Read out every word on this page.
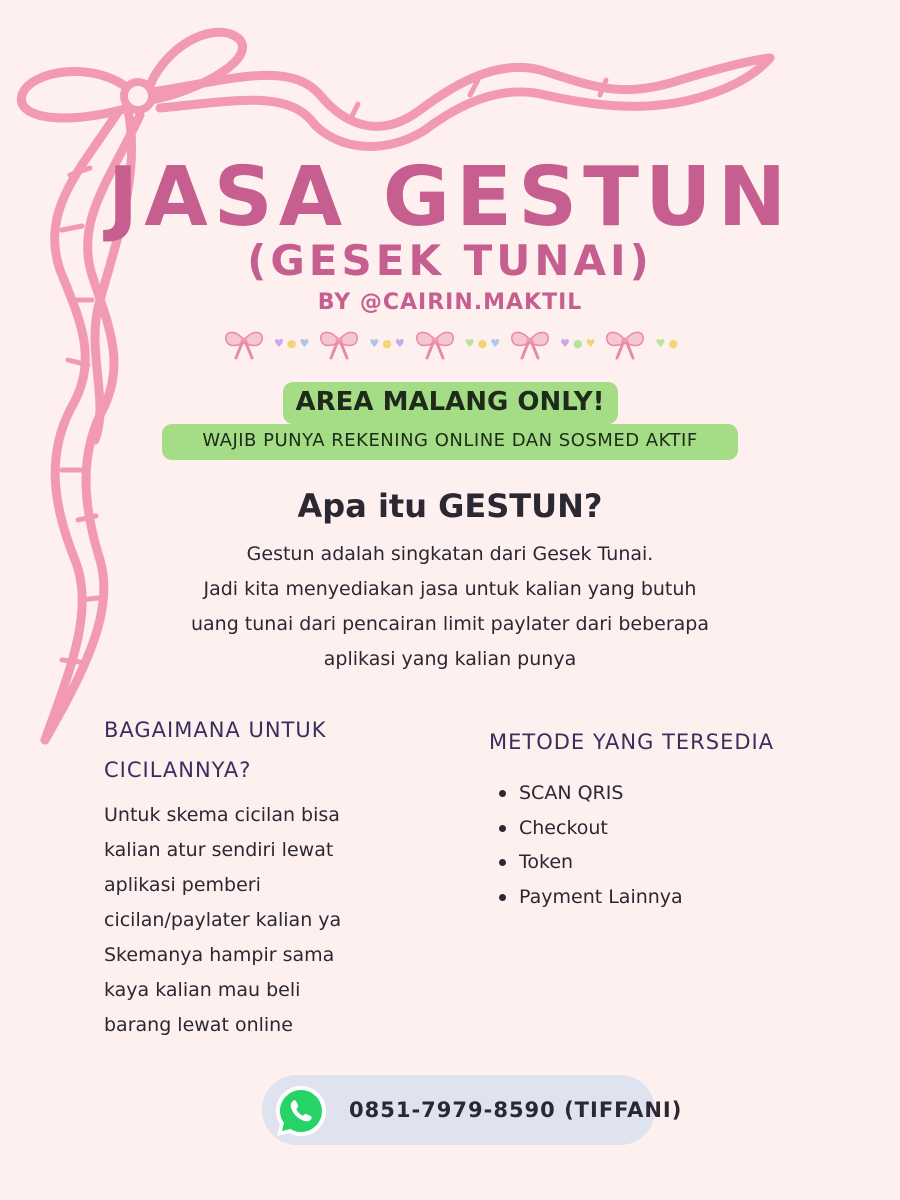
JASA GESTUN
(GESEK TUNAI)
BY @CAIRIN.MAKTIL
♥ ● ♥	♥ ● ♥	♥ ● ♥	♥ ● ♥	♥ ●
AREA MALANG ONLY!
WAJIB PUNYA REKENING ONLINE DAN SOSMED AKTIF
Apa itu GESTUN?
Gestun adalah singkatan dari Gesek Tunai.
Jadi kita menyediakan jasa untuk kalian yang butuh
uang tunai dari pencairan limit paylater dari beberapa
aplikasi yang kalian punya
BAGAIMANA UNTUK
CICILANNYA?
Untuk skema cicilan bisa
kalian atur sendiri lewat
aplikasi pemberi
cicilan/paylater kalian ya
Skemanya hampir sama
kaya kalian mau beli
barang lewat online
METODE YANG TERSEDIA
SCAN QRIS
Checkout
Token
Payment Lainnya
0851-7979-8590 (TIFFANI)
